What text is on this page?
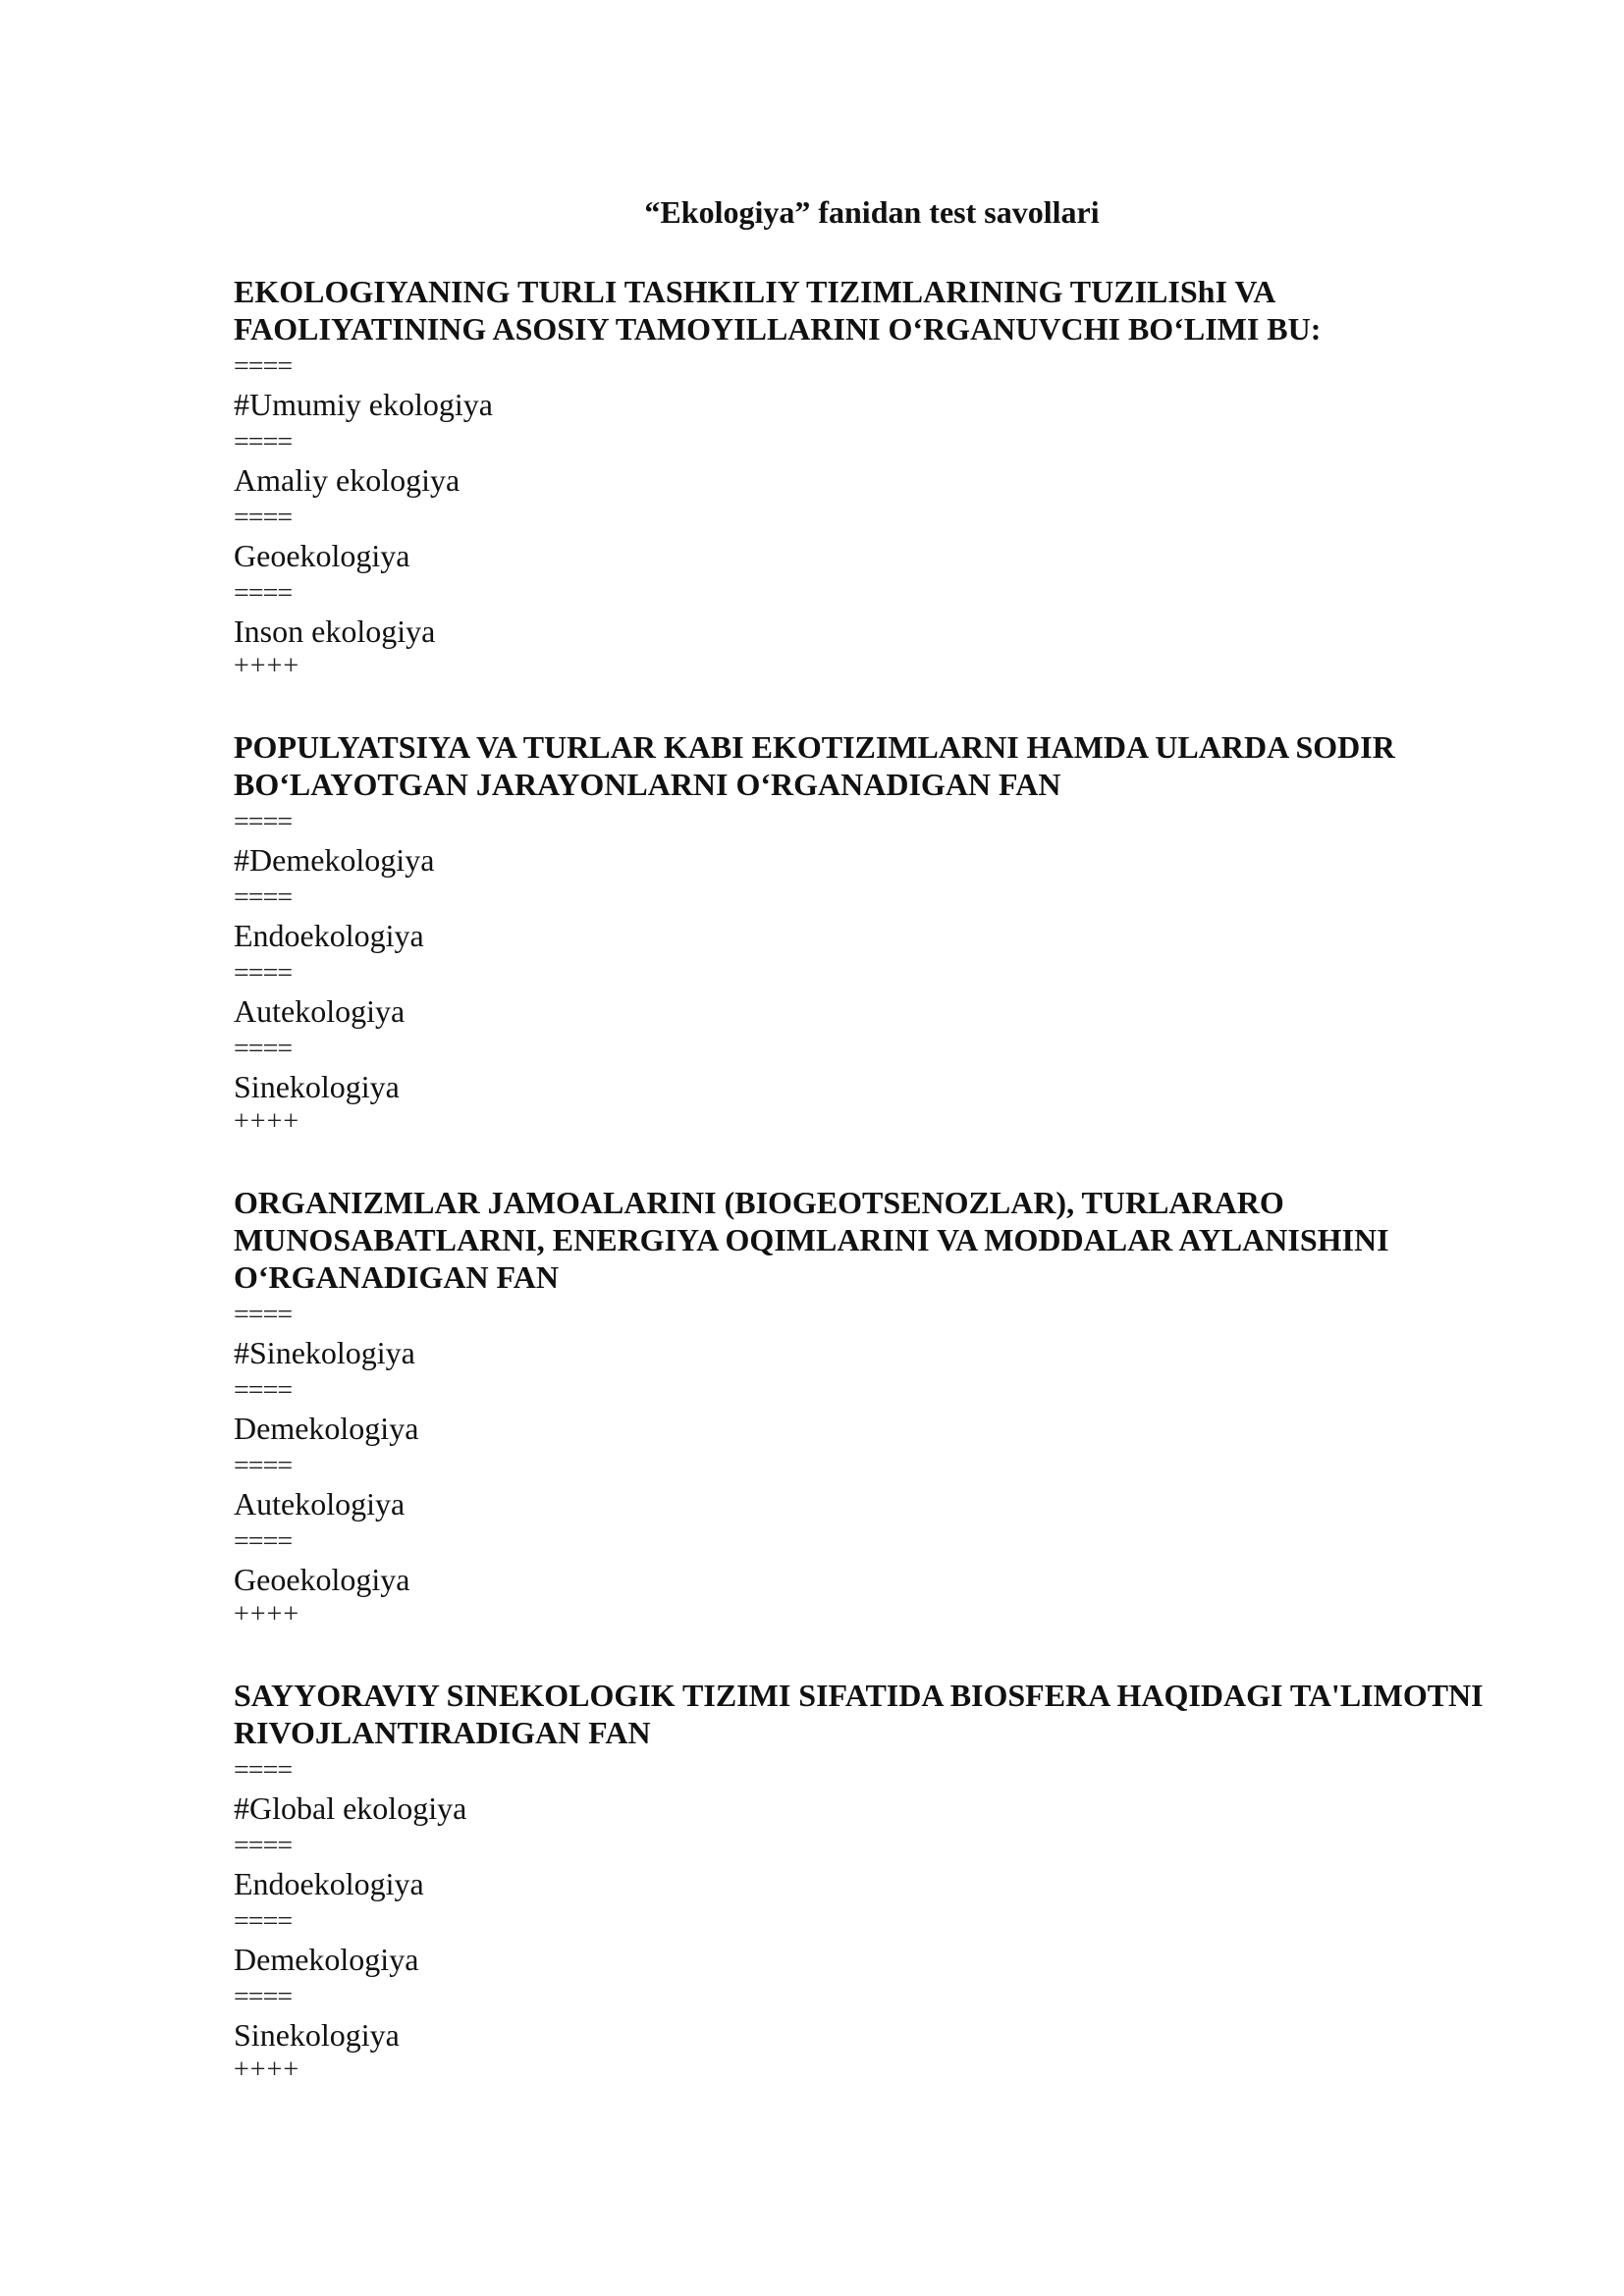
“Ekologiya” fanidan test savollari
EKOLOGIYANING TURLI TASHKILIY TIZIMLARINING TUZILIShI VA FAOLIYATINING ASOSIY TAMOYILLARINI O‘RGANUVCHI BO‘LIMI BU:
====
#Umumiy ekologiya
====
Amaliy ekologiya
====
Geoekologiya
====
Inson ekologiya
++++
POPULYATSIYA VA TURLAR KABI EKOTIZIMLARNI HAMDA ULARDA SODIR BO‘LAYOTGAN JARAYONLARNI O‘RGANADIGAN FAN
====
#Demekologiya
====
Endoekologiya
====
Autekologiya
====
Sinekologiya
++++
ORGANIZMLAR JAMOALARINI (BIOGEOTSENOZLAR), TURLARARO MUNOSABATLARNI, ENERGIYA OQIMLARINI VA MODDALAR AYLANISHINI O‘RGANADIGAN FAN
====
#Sinekologiya
====
Demekologiya
====
Autekologiya
====
Geoekologiya
++++
SAYYORAVIY SINEKOLOGIK TIZIMI SIFATIDA BIOSFERA HAQIDAGI TA'LIMOTNI RIVOJLANTIRADIGAN FAN
====
#Global ekologiya
====
Endoekologiya
====
Demekologiya
====
Sinekologiya
++++
